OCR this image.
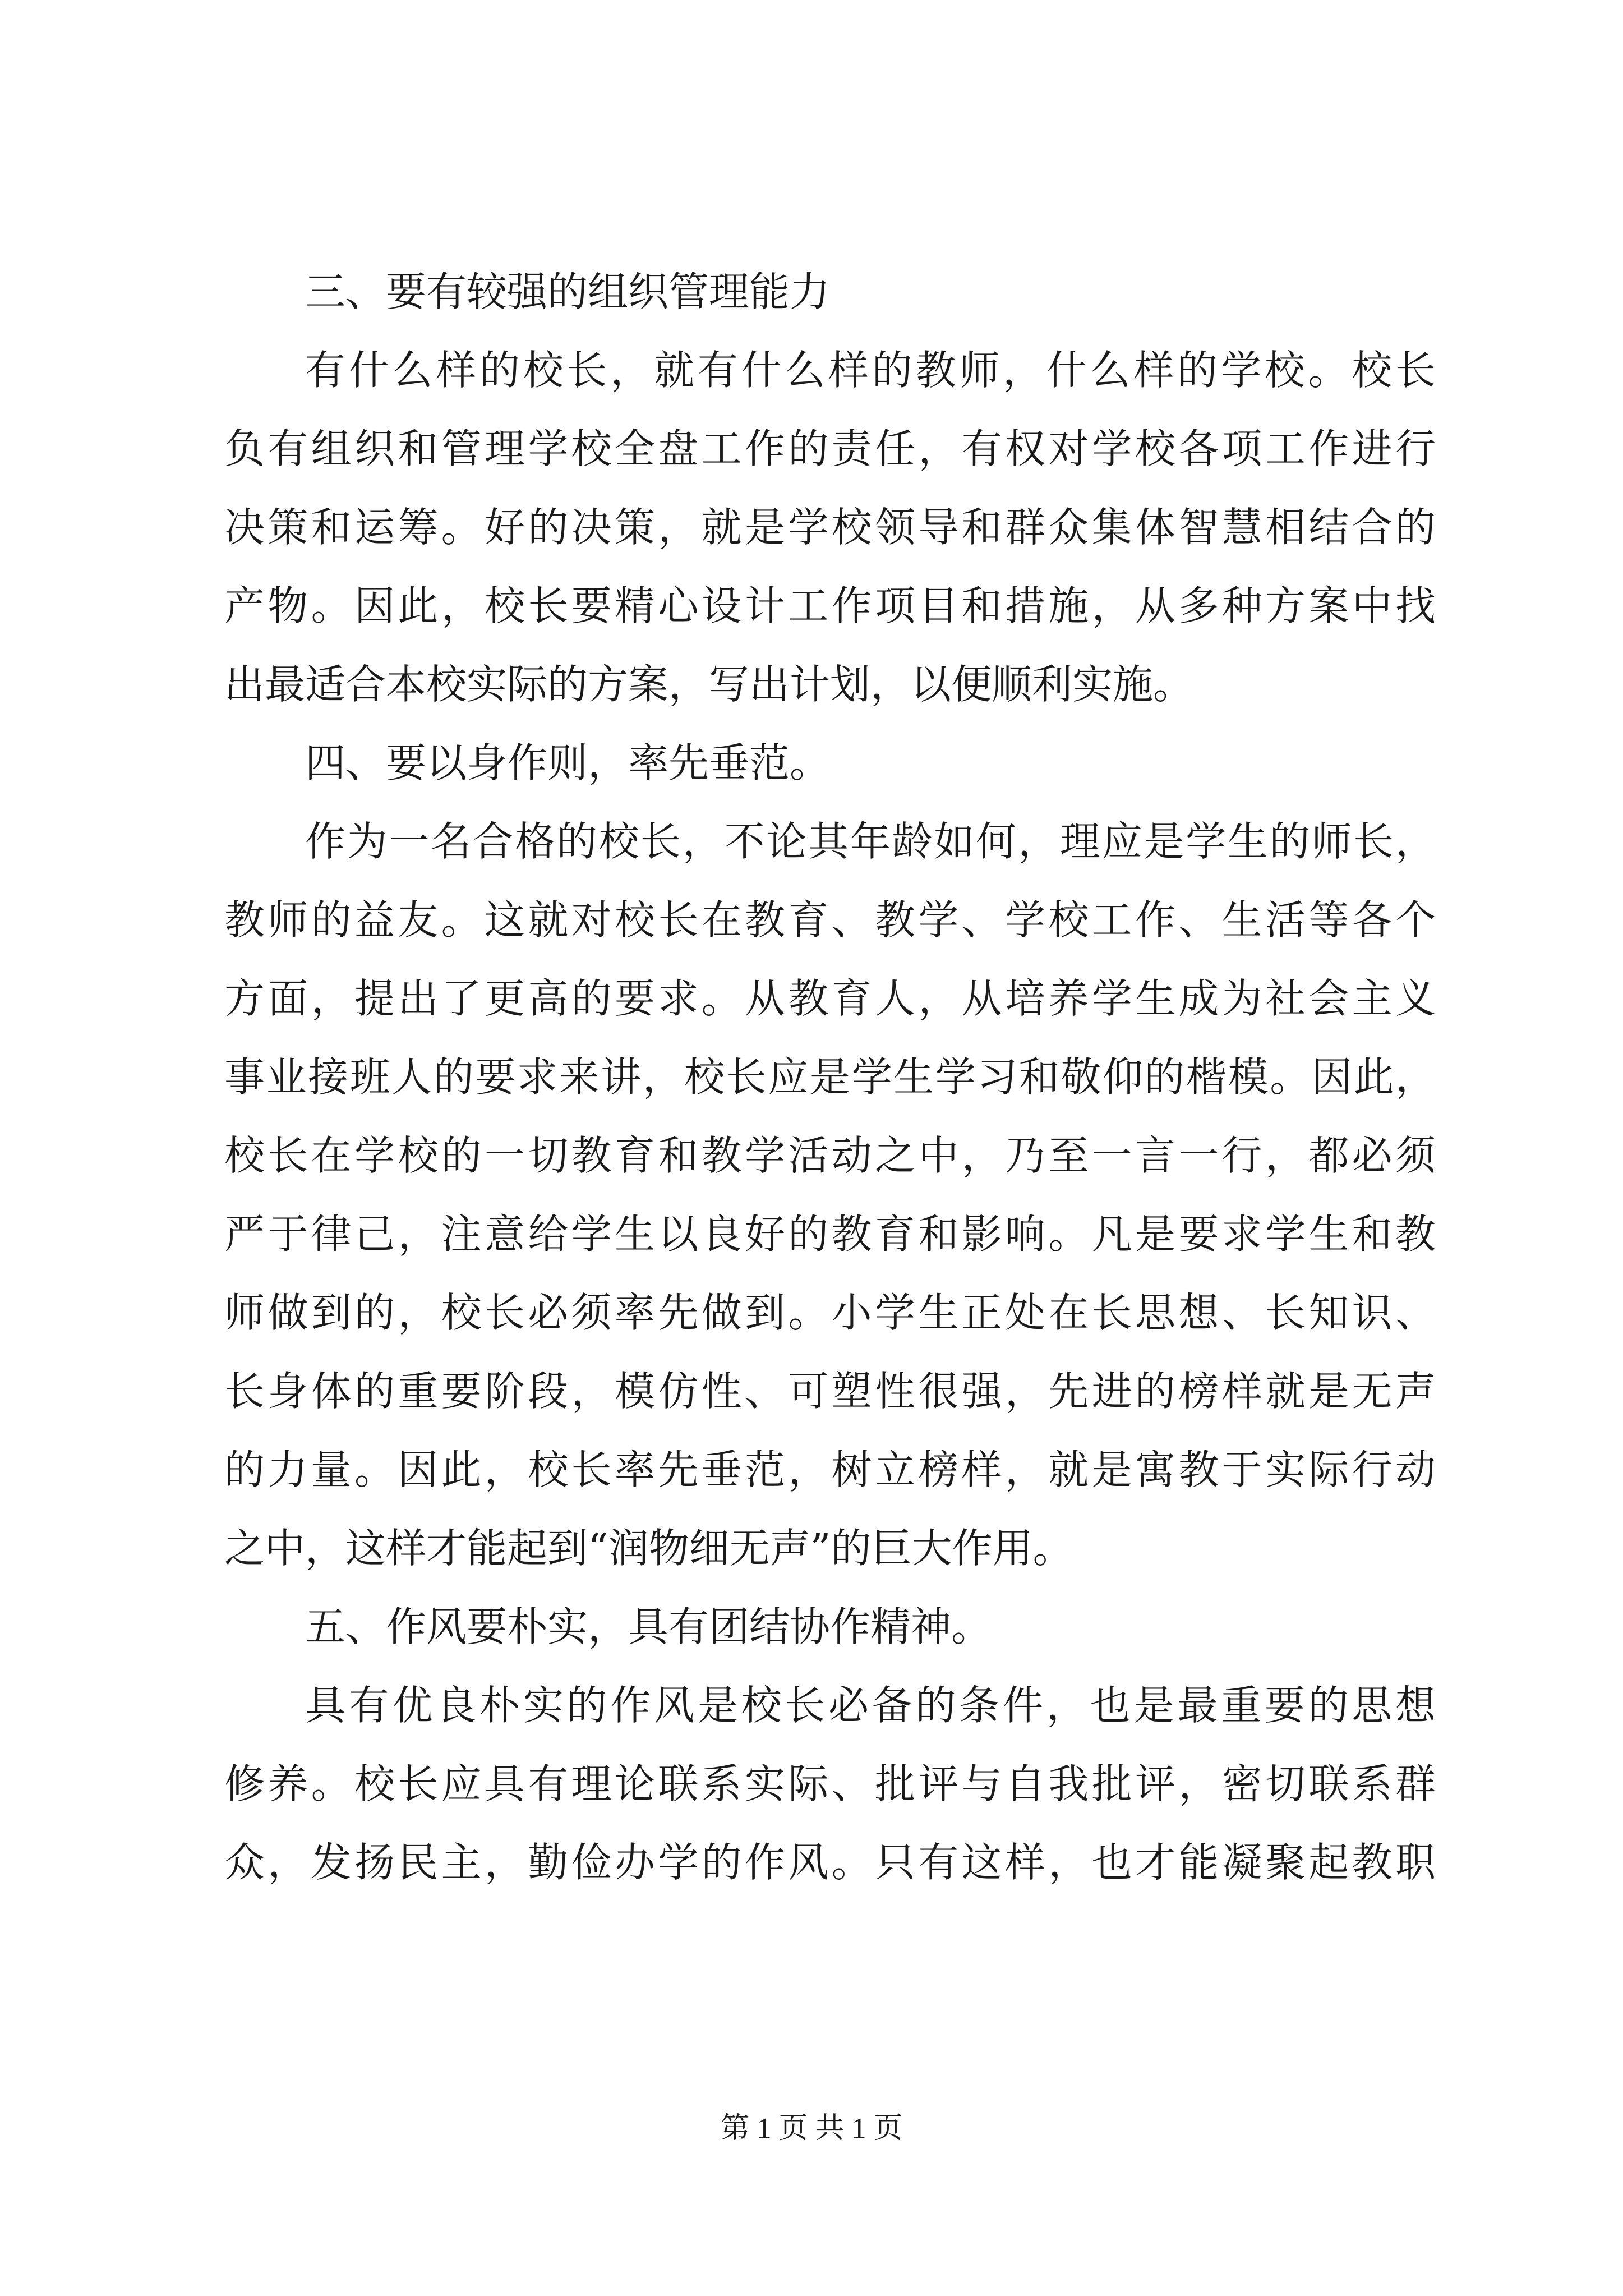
三、要有较强的组织管理能力
有什么样的校长，就有什么样的教师，什么样的学校。校长
负有组织和管理学校全盘工作的责任，有权对学校各项工作进行
决策和运筹。好的决策，就是学校领导和群众集体智慧相结合的
产物。因此，校长要精心设计工作项目和措施，从多种方案中找
出最适合本校实际的方案，写出计划，以便顺利实施。
四、要以身作则，率先垂范。
作为一名合格的校长，不论其年龄如何，理应是学生的师长，
教师的益友。这就对校长在教育、教学、学校工作、生活等各个
方面，提出了更高的要求。从教育人，从培养学生成为社会主义
事业接班人的要求来讲，校长应是学生学习和敬仰的楷模。因此，
校长在学校的一切教育和教学活动之中，乃至一言一行，都必须
严于律己，注意给学生以良好的教育和影响。凡是要求学生和教
师做到的，校长必须率先做到。小学生正处在长思想、长知识、
长身体的重要阶段，模仿性、可塑性很强，先进的榜样就是无声
的力量。因此，校长率先垂范，树立榜样，就是寓教于实际行动
之中，这样才能起到“润物细无声”的巨大作用。
五、作风要朴实，具有团结协作精神。
具有优良朴实的作风是校长必备的条件，也是最重要的思想
修养。校长应具有理论联系实际、批评与自我批评，密切联系群
众，发扬民主，勤俭办学的作风。只有这样，也才能凝聚起教职
第 1 页 共 1 页
